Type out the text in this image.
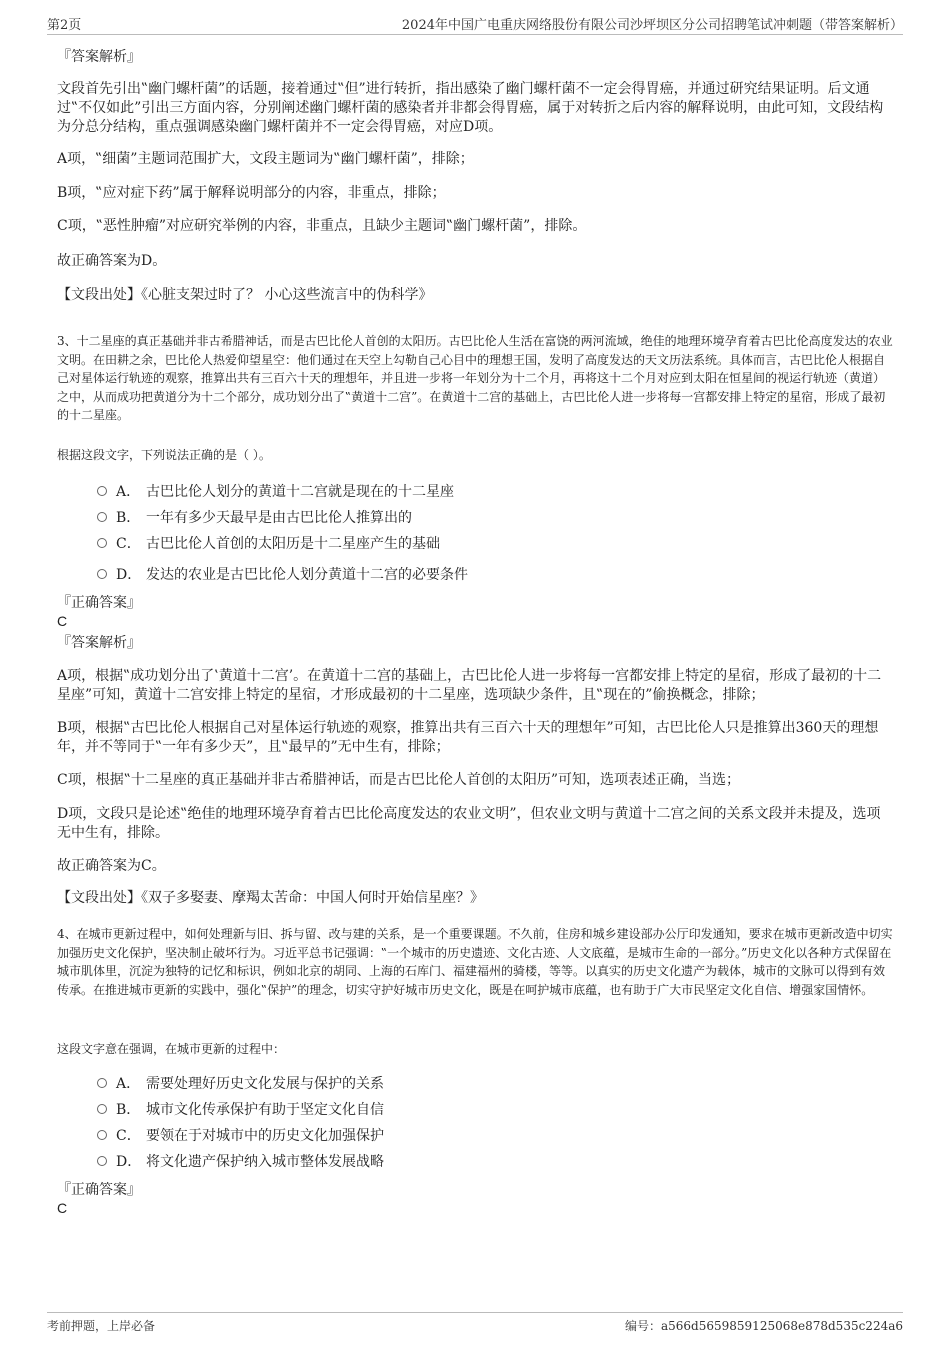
第2页	2024年中国广电重庆网络股份有限公司沙坪坝区分公司招聘笔试冲刺题（带答案解析）
『答案解析』
文段首先引出‟幽门螺杆菌”的话题，接着通过‟但”进行转折，指出感染了幽门螺杆菌不一定会得胃癌，并通过研究结果证明。后文通过‟不仅如此”引出三方面内容，分别阐述幽门螺杆菌的感染者并非都会得胃癌，属于对转折之后内容的解释说明，由此可知，文段结构为分总分结构，重点强调感染幽门螺杆菌并不一定会得胃癌，对应D项。
A项，‟细菌”主题词范围扩大，文段主题词为‟幽门螺杆菌”，排除；
B项，‟应对症下药”属于解释说明部分的内容，非重点，排除；
C项，‟恶性肿瘤”对应研究举例的内容，非重点，且缺少主题词‟幽门螺杆菌”，排除。
故正确答案为D。
【文段出处】《心脏支架过时了？ 小心这些流言中的伪科学》
3、十二星座的真正基础并非古希腊神话，而是古巴比伦人首创的太阳历。古巴比伦人生活在富饶的两河流域，绝佳的地理环境孕育着古巴比伦高度发达的农业文明。在田耕之余，巴比伦人热爱仰望星空：他们通过在天空上勾勒自己心目中的理想王国，发明了高度发达的天文历法系统。具体而言，古巴比伦人根据自己对星体运行轨迹的观察，推算出共有三百六十天的理想年，并且进一步将一年划分为十二个月，再将这十二个月对应到太阳在恒星间的视运行轨迹（黄道）之中，从而成功把黄道分为十二个部分，成功划分出了‟黄道十二宫”。在黄道十二宫的基础上，古巴比伦人进一步将每一宫都安排上特定的星宿，形成了最初的十二星座。
根据这段文字，下列说法正确的是（ ）。
A． 古巴比伦人划分的黄道十二宫就是现在的十二星座
B． 一年有多少天最早是由古巴比伦人推算出的
C． 古巴比伦人首创的太阳历是十二星座产生的基础
D． 发达的农业是古巴比伦人划分黄道十二宫的必要条件
『正确答案』
C
『答案解析』
A项，根据‟成功划分出了‛黄道十二宫’。在黄道十二宫的基础上，古巴比伦人进一步将每一宫都安排上特定的星宿，形成了最初的十二星座”可知，黄道十二宫安排上特定的星宿，才形成最初的十二星座，选项缺少条件，且‟现在的”偷换概念，排除；
B项，根据‟古巴比伦人根据自己对星体运行轨迹的观察，推算出共有三百六十天的理想年”可知，古巴比伦人只是推算出360天的理想年，并不等同于‟一年有多少天”，且‟最早的”无中生有，排除；
C项，根据‟十二星座的真正基础并非古希腊神话，而是古巴比伦人首创的太阳历”可知，选项表述正确，当选；
D项，文段只是论述‟绝佳的地理环境孕育着古巴比伦高度发达的农业文明”，但农业文明与黄道十二宫之间的关系文段并未提及，选项无中生有，排除。
故正确答案为C。
【文段出处】《双子多娶妻、摩羯太苦命：中国人何时开始信星座？》
4、在城市更新过程中，如何处理新与旧、拆与留、改与建的关系，是一个重要课题。不久前，住房和城乡建设部办公厅印发通知，要求在城市更新改造中切实加强历史文化保护，坚决制止破坏行为。习近平总书记强调：‟一个城市的历史遗迹、文化古迹、人文底蕴，是城市生命的一部分。”历史文化以各种方式保留在城市肌体里，沉淀为独特的记忆和标识，例如北京的胡同、上海的石库门、福建福州的骑楼，等等。以真实的历史文化遗产为载体，城市的文脉可以得到有效传承。在推进城市更新的实践中，强化‟保护”的理念，切实守护好城市历史文化，既是在呵护城市底蕴，也有助于广大市民坚定文化自信、增强家国情怀。
这段文字意在强调，在城市更新的过程中：
A． 需要处理好历史文化发展与保护的关系
B． 城市文化传承保护有助于坚定文化自信
C． 要领在于对城市中的历史文化加强保护
D． 将文化遗产保护纳入城市整体发展战略
『正确答案』
C
考前押题，上岸必备	编号：a566d5659859125068e878d535c224a6
